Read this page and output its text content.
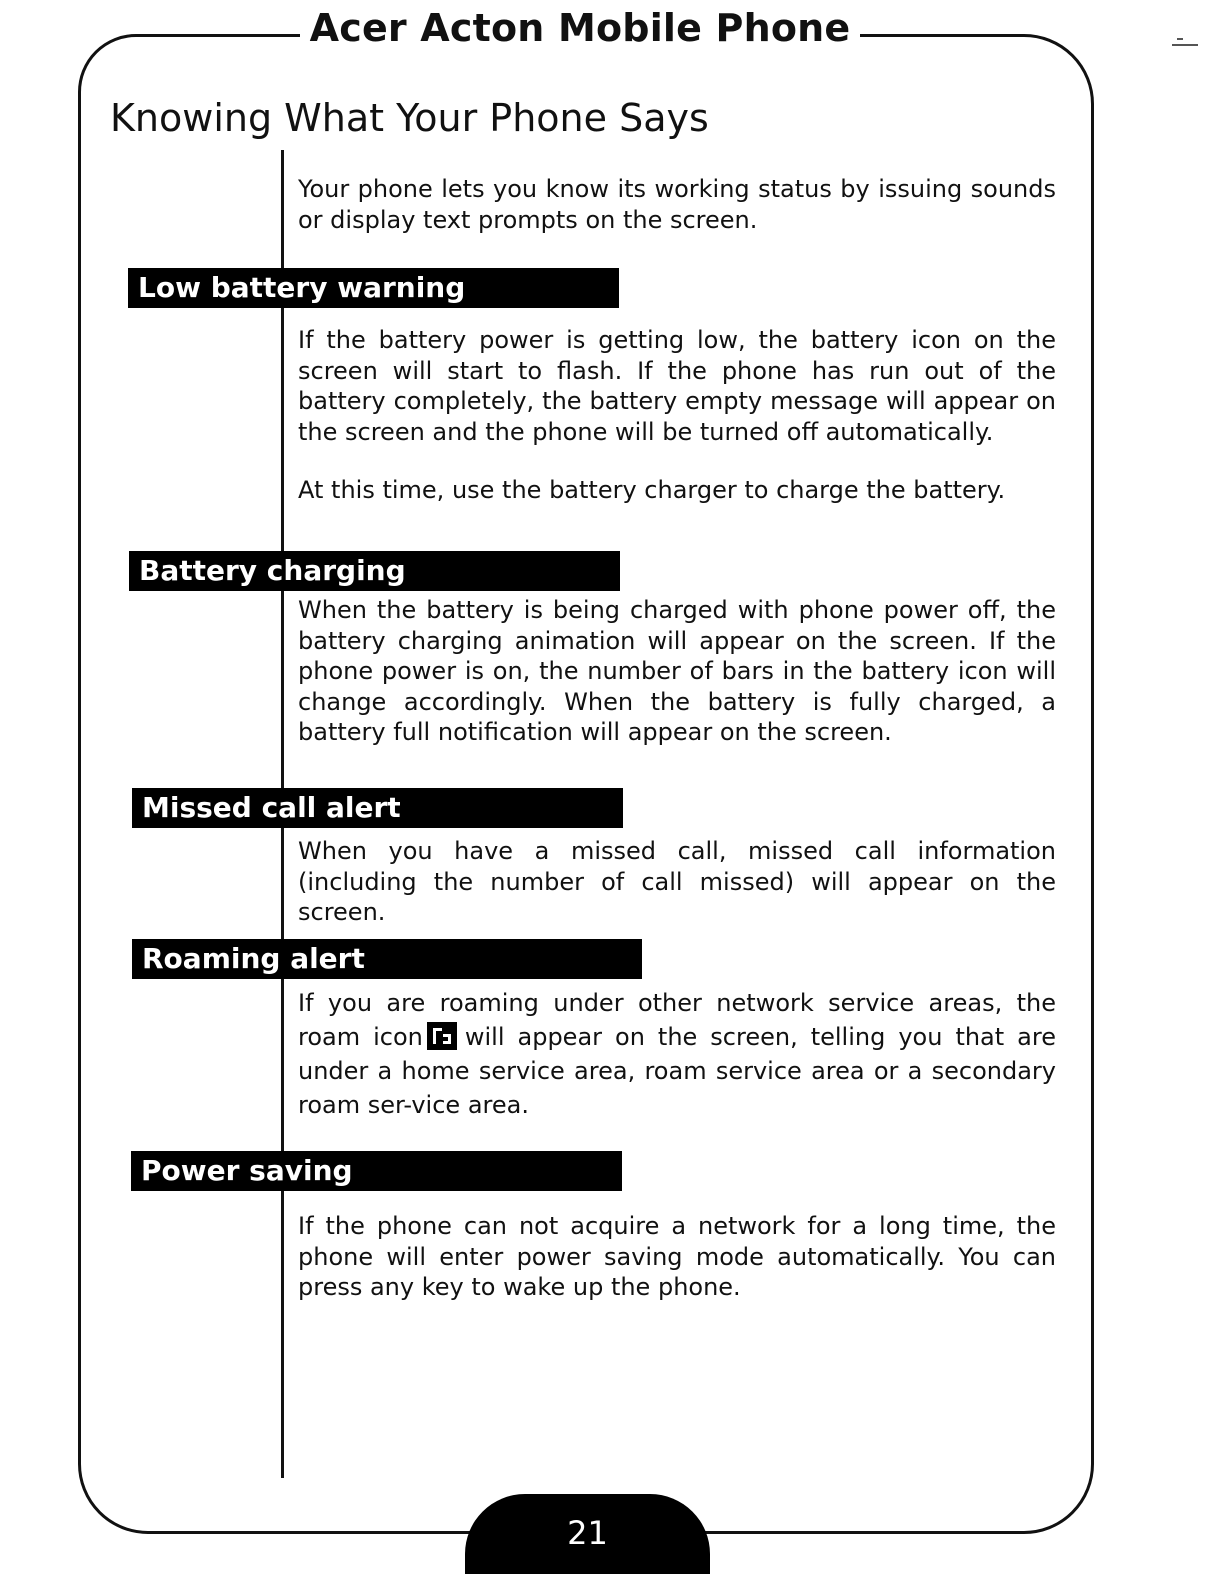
Acer Acton Mobile Phone
Knowing What Your Phone Says
Your phone lets you know its working status by issuing sounds or display text prompts on the screen.
Low battery warning
If the battery power is getting low, the battery icon on the screen will start to flash. If the phone has run out of the battery completely, the battery empty message will appear on the screen and the phone will be turned off automatically.
At this time, use the battery charger to charge the battery.
Battery charging
When the battery is being charged with phone power off, the battery charging animation will appear on the screen. If the phone power is on, the number of bars in the battery icon will change accordingly. When the battery is fully charged, a battery full notification will appear on the screen.
Missed call alert
When you have a missed call, missed call information (including the number of call missed) will appear on the screen.
Roaming alert
If you are roaming under other network service areas, the roam icon will appear on the screen, telling you that are under a home service area, roam service area or a secondary roam ser-vice area.
Power saving
If the phone can not acquire a network for a long time, the phone will enter power saving mode automatically. You can press any key to wake up the phone.
21
